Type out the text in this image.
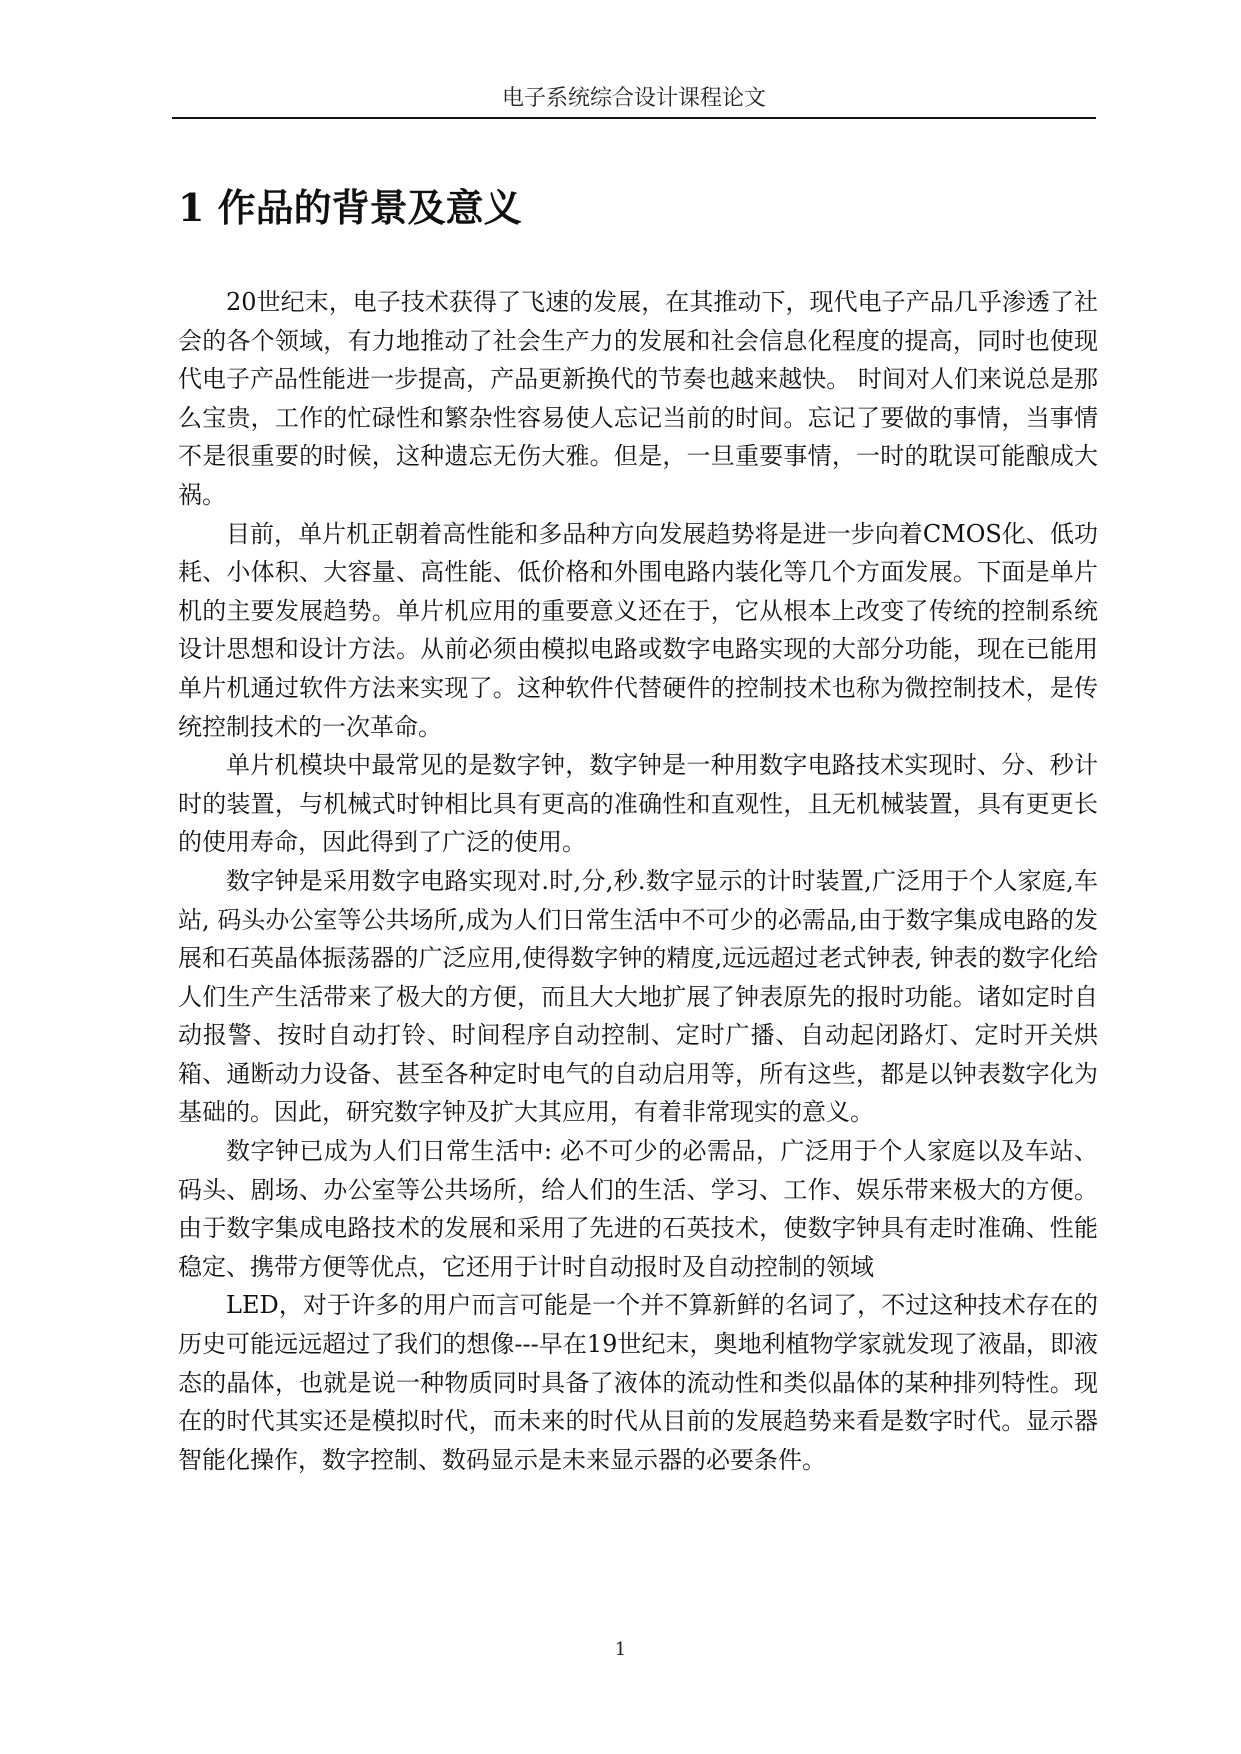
电子系统综合设计课程论文
1 作品的背景及意义

20世纪末，电子技术获得了飞速的发展，在其推动下，现代电子产品几乎渗透了社会的各个领域，有力地推动了社会生产力的发展和社会信息化程度的提高，同时也使现代电子产品性能进一步提高，产品更新换代的节奏也越来越快。 时间对人们来说总是那么宝贵，工作的忙碌性和繁杂性容易使人忘记当前的时间。忘记了要做的事情，当事情不是很重要的时候，这种遗忘无伤大雅。但是，一旦重要事情，一时的耽误可能酿成大祸。

目前，单片机正朝着高性能和多品种方向发展趋势将是进一步向着CMOS化、低功耗、小体积、大容量、高性能、低价格和外围电路内装化等几个方面发展。下面是单片机的主要发展趋势。单片机应用的重要意义还在于，它从根本上改变了传统的控制系统设计思想和设计方法。从前必须由模拟电路或数字电路实现的大部分功能，现在已能用单片机通过软件方法来实现了。这种软件代替硬件的控制技术也称为微控制技术，是传统控制技术的一次革命。

单片机模块中最常见的是数字钟，数字钟是一种用数字电路技术实现时、分、秒计时的装置，与机械式时钟相比具有更高的准确性和直观性，且无机械装置，具有更更长的使用寿命，因此得到了广泛的使用。

数字钟是采用数字电路实现对.时,分,秒.数字显示的计时装置,广泛用于个人家庭,车站, 码头办公室等公共场所,成为人们日常生活中不可少的必需品,由于数字集成电路的发展和石英晶体振荡器的广泛应用,使得数字钟的精度,远远超过老式钟表, 钟表的数字化给人们生产生活带来了极大的方便，而且大大地扩展了钟表原先的报时功能。诸如定时自动报警、按时自动打铃、时间程序自动控制、定时广播、自动起闭路灯、定时开关烘箱、通断动力设备、甚至各种定时电气的自动启用等，所有这些，都是以钟表数字化为基础的。因此，研究数字钟及扩大其应用，有着非常现实的意义。

数字钟已成为人们日常生活中: 必不可少的必需品，广泛用于个人家庭以及车站、码头、剧场、办公室等公共场所，给人们的生活、学习、工作、娱乐带来极大的方便。由于数字集成电路技术的发展和采用了先进的石英技术，使数字钟具有走时准确、性能稳定、携带方便等优点，它还用于计时自动报时及自动控制的领域

LED，对于许多的用户而言可能是一个并不算新鲜的名词了，不过这种技术存在的历史可能远远超过了我们的想像---早在19世纪末，奥地利植物学家就发现了液晶，即液态的晶体，也就是说一种物质同时具备了液体的流动性和类似晶体的某种排列特性。现在的时代其实还是模拟时代，而未来的时代从目前的发展趋势来看是数字时代。显示器智能化操作，数字控制、数码显示是未来显示器的必要条件。

1
